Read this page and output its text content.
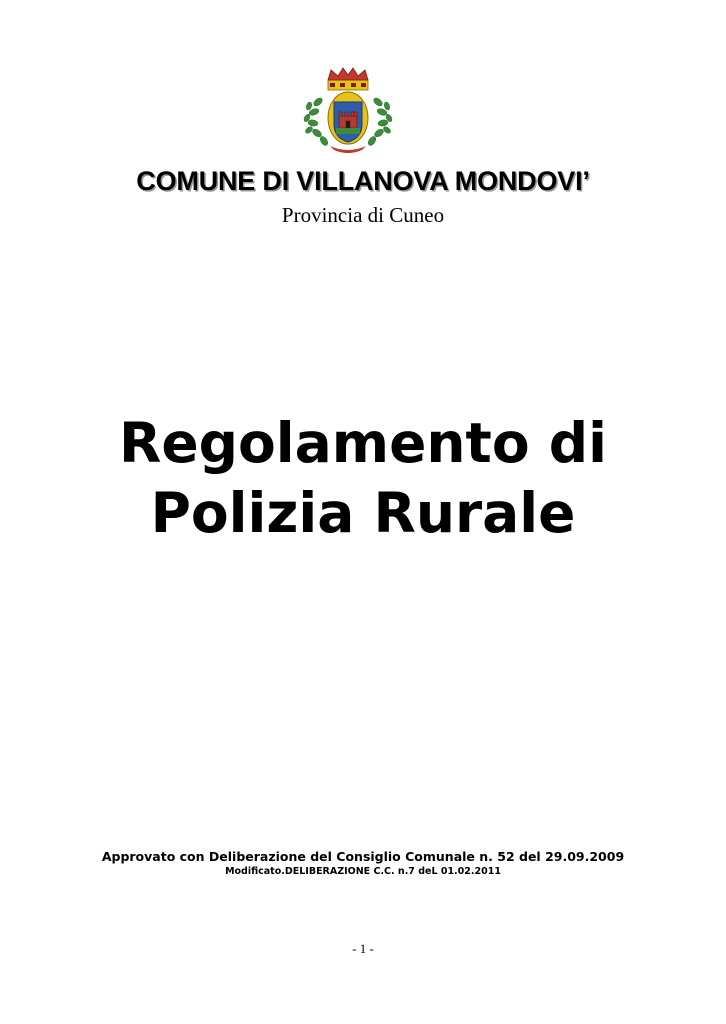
COMUNE DI VILLANOVA MONDOVI’
Provincia di Cuneo
Regolamento di
Polizia Rurale
Approvato con Deliberazione del Consiglio Comunale n. 52 del 29.09.2009
Modificato.DELIBERAZIONE C.C. n.7 deL 01.02.2011
- 1 -
